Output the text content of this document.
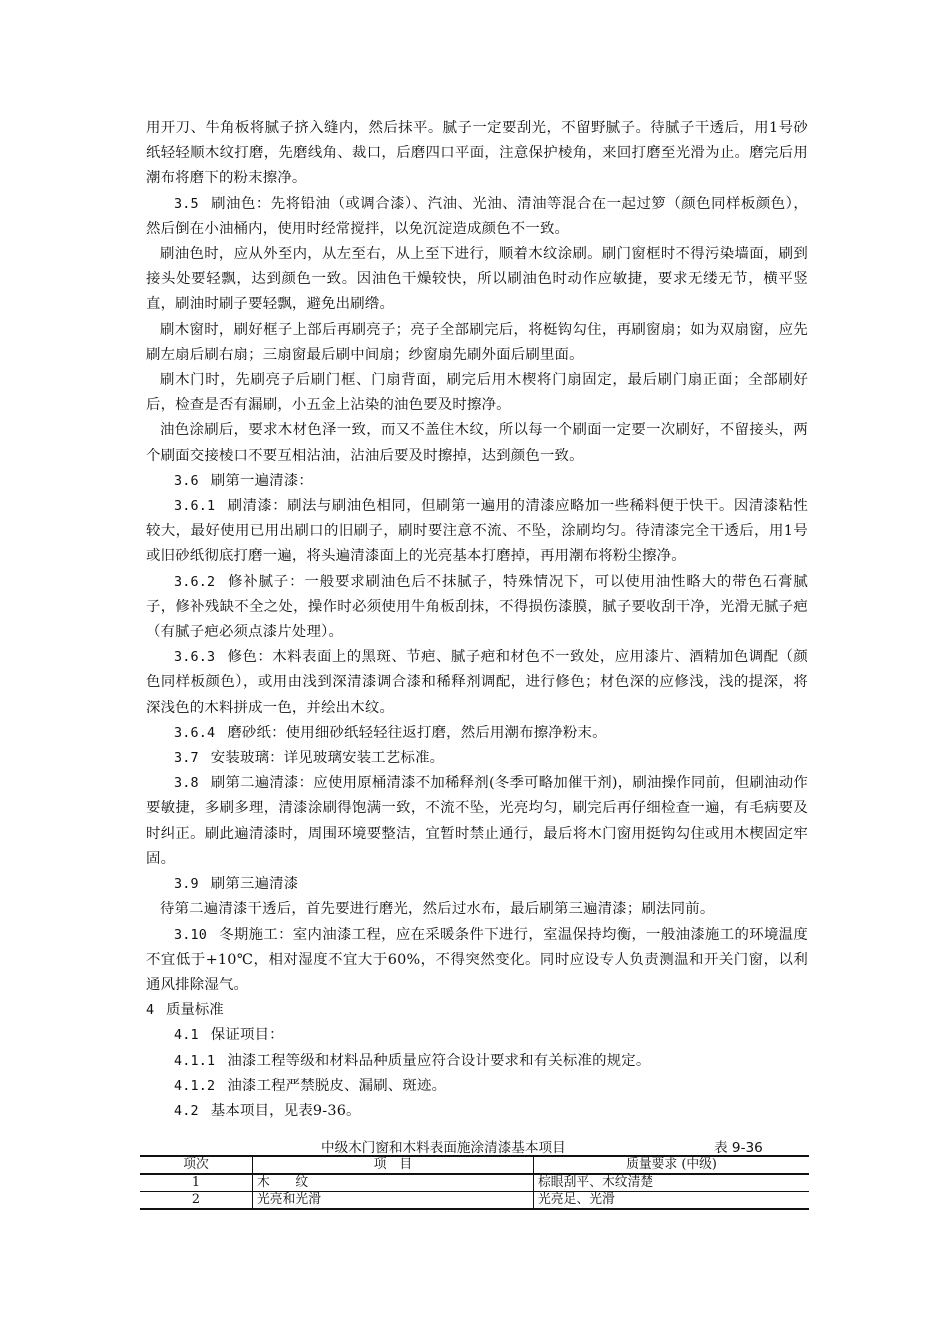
用开刀、牛角板将腻子挤入缝内，然后抹平。腻子一定要刮光，不留野腻子。待腻子干透后，用1号砂纸轻轻顺木纹打磨，先磨线角、裁口，后磨四口平面，注意保护棱角，来回打磨至光滑为止。磨完后用潮布将磨下的粉末擦净。

3.5 刷油色：先将铅油（或调合漆）、汽油、光油、清油等混合在一起过箩（颜色同样板颜色），然后倒在小油桶内，使用时经常搅拌，以免沉淀造成颜色不一致。

刷油色时，应从外至内，从左至右，从上至下进行，顺着木纹涂刷。刷门窗框时不得污染墙面，刷到接头处要轻飘，达到颜色一致。因油色干燥较快，所以刷油色时动作应敏捷，要求无缕无节，横平竖直，刷油时刷子要轻飘，避免出刷绺。

刷木窗时，刷好框子上部后再刷亮子；亮子全部刷完后，将梃钩勾住，再刷窗扇；如为双扇窗，应先刷左扇后刷右扇；三扇窗最后刷中间扇；纱窗扇先刷外面后刷里面。

刷木门时，先刷亮子后刷门框、门扇背面，刷完后用木楔将门扇固定，最后刷门扇正面；全部刷好后，检查是否有漏刷，小五金上沾染的油色要及时擦净。

油色涂刷后，要求木材色泽一致，而又不盖住木纹，所以每一个刷面一定要一次刷好，不留接头，两个刷面交接棱口不要互相沾油，沾油后要及时擦掉，达到颜色一致。

3.6 刷第一遍清漆：

3.6.1 刷清漆：刷法与刷油色相同，但刷第一遍用的清漆应略加一些稀料便于快干。因清漆粘性较大，最好使用已用出刷口的旧刷子，刷时要注意不流、不坠，涂刷均匀。待清漆完全干透后，用1号或旧砂纸彻底打磨一遍，将头遍清漆面上的光亮基本打磨掉，再用潮布将粉尘擦净。

3.6.2 修补腻子：一般要求刷油色后不抹腻子，特殊情况下，可以使用油性略大的带色石膏腻子，修补残缺不全之处，操作时必须使用牛角板刮抹，不得损伤漆膜，腻子要收刮干净，光滑无腻子疤（有腻子疤必须点漆片处理）。

3.6.3 修色：木料表面上的黑斑、节疤、腻子疤和材色不一致处，应用漆片、酒精加色调配（颜色同样板颜色），或用由浅到深清漆调合漆和稀释剂调配，进行修色；材色深的应修浅，浅的提深，将深浅色的木料拼成一色，并绘出木纹。

3.6.4 磨砂纸：使用细砂纸轻轻往返打磨，然后用潮布擦净粉末。

3.7 安装玻璃：详见玻璃安装工艺标准。

3.8 刷第二遍清漆：应使用原桶清漆不加稀释剂(冬季可略加催干剂)，刷油操作同前，但刷油动作要敏捷，多刷多理，清漆涂刷得饱满一致，不流不坠，光亮均匀，刷完后再仔细检查一遍，有毛病要及时纠正。刷此遍清漆时，周围环境要整洁，宜暂时禁止通行，最后将木门窗用挺钩勾住或用木楔固定牢固。

3.9 刷第三遍清漆

待第二遍清漆干透后，首先要进行磨光，然后过水布，最后刷第三遍清漆；刷法同前。

3.10 冬期施工：室内油漆工程，应在采暖条件下进行，室温保持均衡，一般油漆施工的环境温度不宜低于+10℃，相对湿度不宜大于60%，不得突然变化。同时应设专人负责测温和开关门窗，以利通风排除湿气。

4 质量标准

4.1 保证项目：

4.1.1 油漆工程等级和材料品种质量应符合设计要求和有关标准的规定。

4.1.2 油漆工程严禁脱皮、漏刷、斑迹。

4.2 基本项目，见表9-36。

中级木门窗和木料表面施涂清漆基本项目	表 9-36
项次	项　目	质量要求 (中级)
1	木　　纹	棕眼刮平、木纹清楚
2	光亮和光滑	光亮足、光滑
